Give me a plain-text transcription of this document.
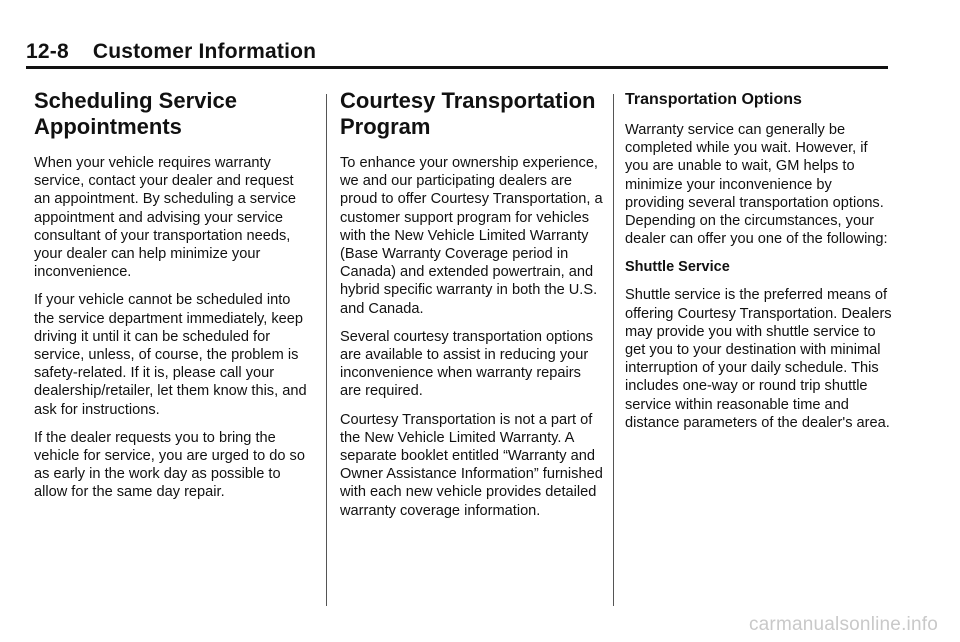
12-8 Customer Information
Scheduling Service Appointments

When your vehicle requires warranty service, contact your dealer and request an appointment. By scheduling a service appointment and advising your service consultant of your transportation needs, your dealer can help minimize your inconvenience.

If your vehicle cannot be scheduled into the service department immediately, keep driving it until it can be scheduled for service, unless, of course, the problem is safety-related. If it is, please call your dealership/retailer, let them know this, and ask for instructions.

If the dealer requests you to bring the vehicle for service, you are urged to do so as early in the work day as possible to allow for the same day repair.

Courtesy Transportation Program

To enhance your ownership experience, we and our participating dealers are proud to offer Courtesy Transportation, a customer support program for vehicles with the New Vehicle Limited Warranty (Base Warranty Coverage period in Canada) and extended powertrain, and hybrid specific warranty in both the U.S. and Canada.

Several courtesy transportation options are available to assist in reducing your inconvenience when warranty repairs are required.

Courtesy Transportation is not a part of the New Vehicle Limited Warranty. A separate booklet entitled “Warranty and Owner Assistance Information” furnished with each new vehicle provides detailed warranty coverage information.

Transportation Options

Warranty service can generally be completed while you wait. However, if you are unable to wait, GM helps to minimize your inconvenience by providing several transportation options. Depending on the circumstances, your dealer can offer you one of the following:

Shuttle Service

Shuttle service is the preferred means of offering Courtesy Transportation. Dealers may provide you with shuttle service to get you to your destination with minimal interruption of your daily schedule. This includes one-way or round trip shuttle service within reasonable time and distance parameters of the dealer's area.

carmanualsonline.info
